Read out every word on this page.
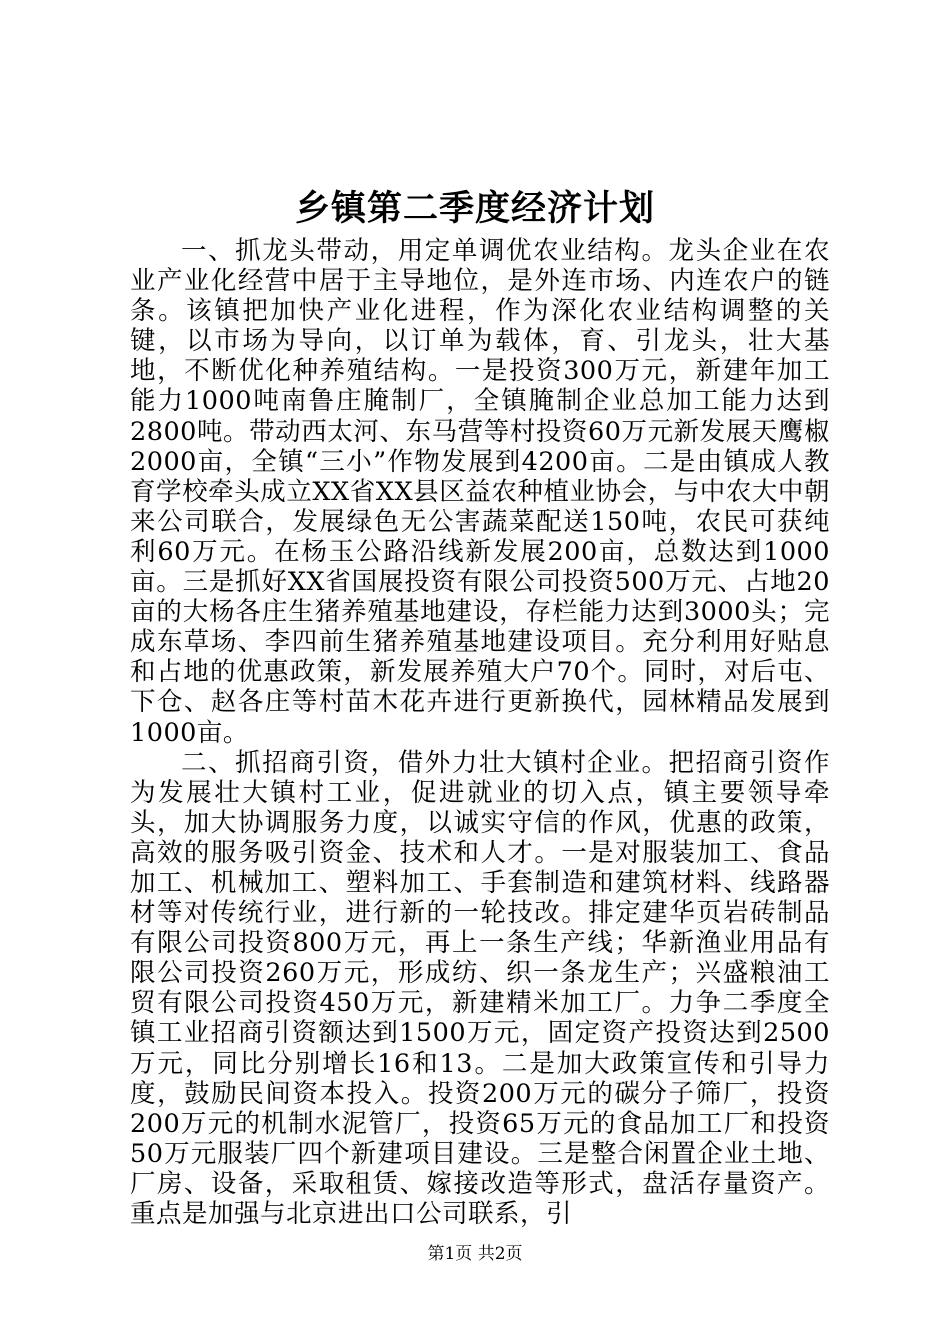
乡镇第二季度经济计划

一、抓龙头带动，用定单调优农业结构。龙头企业在农业产业化经营中居于主导地位，是外连市场、内连农户的链条。该镇把加快产业化进程，作为深化农业结构调整的关键，以市场为导向，以订单为载体，育、引龙头，壮大基地，不断优化种养殖结构。一是投资300万元，新建年加工能力1000吨南鲁庄腌制厂，全镇腌制企业总加工能力达到2800吨。带动西太河、东马营等村投资60万元新发展天鹰椒2000亩，全镇“三小”作物发展到4200亩。二是由镇成人教育学校牵头成立XX省XX县区益农种植业协会，与中农大中朝来公司联合，发展绿色无公害蔬菜配送150吨，农民可获纯利60万元。在杨玉公路沿线新发展200亩，总数达到1000亩。三是抓好XX省国展投资有限公司投资500万元、占地20亩的大杨各庄生猪养殖基地建设，存栏能力达到3000头；完成东草场、李四前生猪养殖基地建设项目。充分利用好贴息和占地的优惠政策，新发展养殖大户70个。同时，对后屯、下仓、赵各庄等村苗木花卉进行更新换代，园林精品发展到1000亩。

二、抓招商引资，借外力壮大镇村企业。把招商引资作为发展壮大镇村工业，促进就业的切入点，镇主要领导牵头，加大协调服务力度，以诚实守信的作风，优惠的政策，高效的服务吸引资金、技术和人才。一是对服装加工、食品加工、机械加工、塑料加工、手套制造和建筑材料、线路器材等对传统行业，进行新的一轮技改。排定建华页岩砖制品有限公司投资800万元，再上一条生产线；华新渔业用品有限公司投资260万元，形成纺、织一条龙生产；兴盛粮油工贸有限公司投资450万元，新建精米加工厂。力争二季度全镇工业招商引资额达到1500万元，固定资产投资达到2500万元，同比分别增长16和13。二是加大政策宣传和引导力度，鼓励民间资本投入。投资200万元的碳分子筛厂，投资200万元的机制水泥管厂，投资65万元的食品加工厂和投资50万元服装厂四个新建项目建设。三是整合闲置企业土地、厂房、设备，采取租赁、嫁接改造等形式，盘活存量资产。重点是加强与北京进出口公司联系，引

第1页 共2页
